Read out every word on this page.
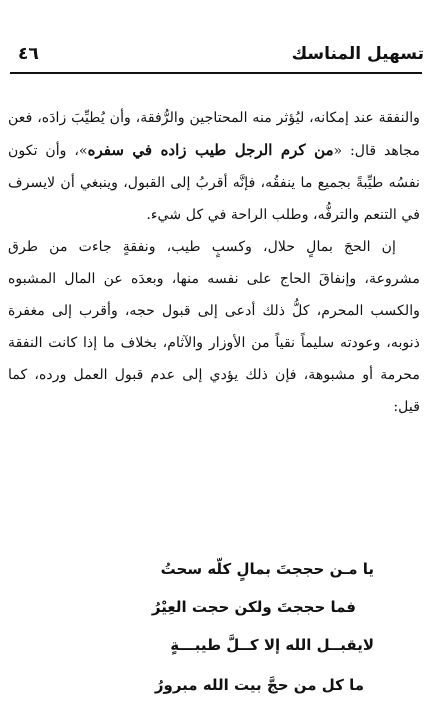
تسهيل المناسك
٤٦

والنفقة عند إمكانه، ليُؤثر منه المحتاجين والرُّفقة، وأن يُطيِّبَ زادَه، فعن مجاهد قال: «من كرم الرجل طيب زاده في سفره»، وأن تكون نفسُه طيِّبةً بجميع ما ينفقُه، فإنَّه أقربُ إلى القبول، وينبغي أن لايسرف في التنعم والترفُّه، وطلب الراحة في كل شيء.

إن الحجَ بمالٍ حلال، وكسبٍ طيب، ونفقةٍ جاءت من طرق مشروعة، وإنفاقَ الحاج على نفسه منها، وبعدَه عن المال المشبوه والكسب المحرم، كلُّ ذلك أدعى إلى قبول حجه، وأقرب إلى مغفرة ذنوبه، وعودته سليماً نقياً من الأوزار والآثام، بخلاف ما إذا كانت النفقة محرمة أو مشبوهة، فإن ذلك يؤدي إلى عدم قبول العمل ورده، كما قيل:

يا مـن حججتَ بمالٍ كلّه سحتُ
فما حججتَ ولكن حجت العِيْرُ
لايقبــل الله إلا كــلَّ طيبـــةٍ
ما كل من حجَّ بيت الله مبرورُ
